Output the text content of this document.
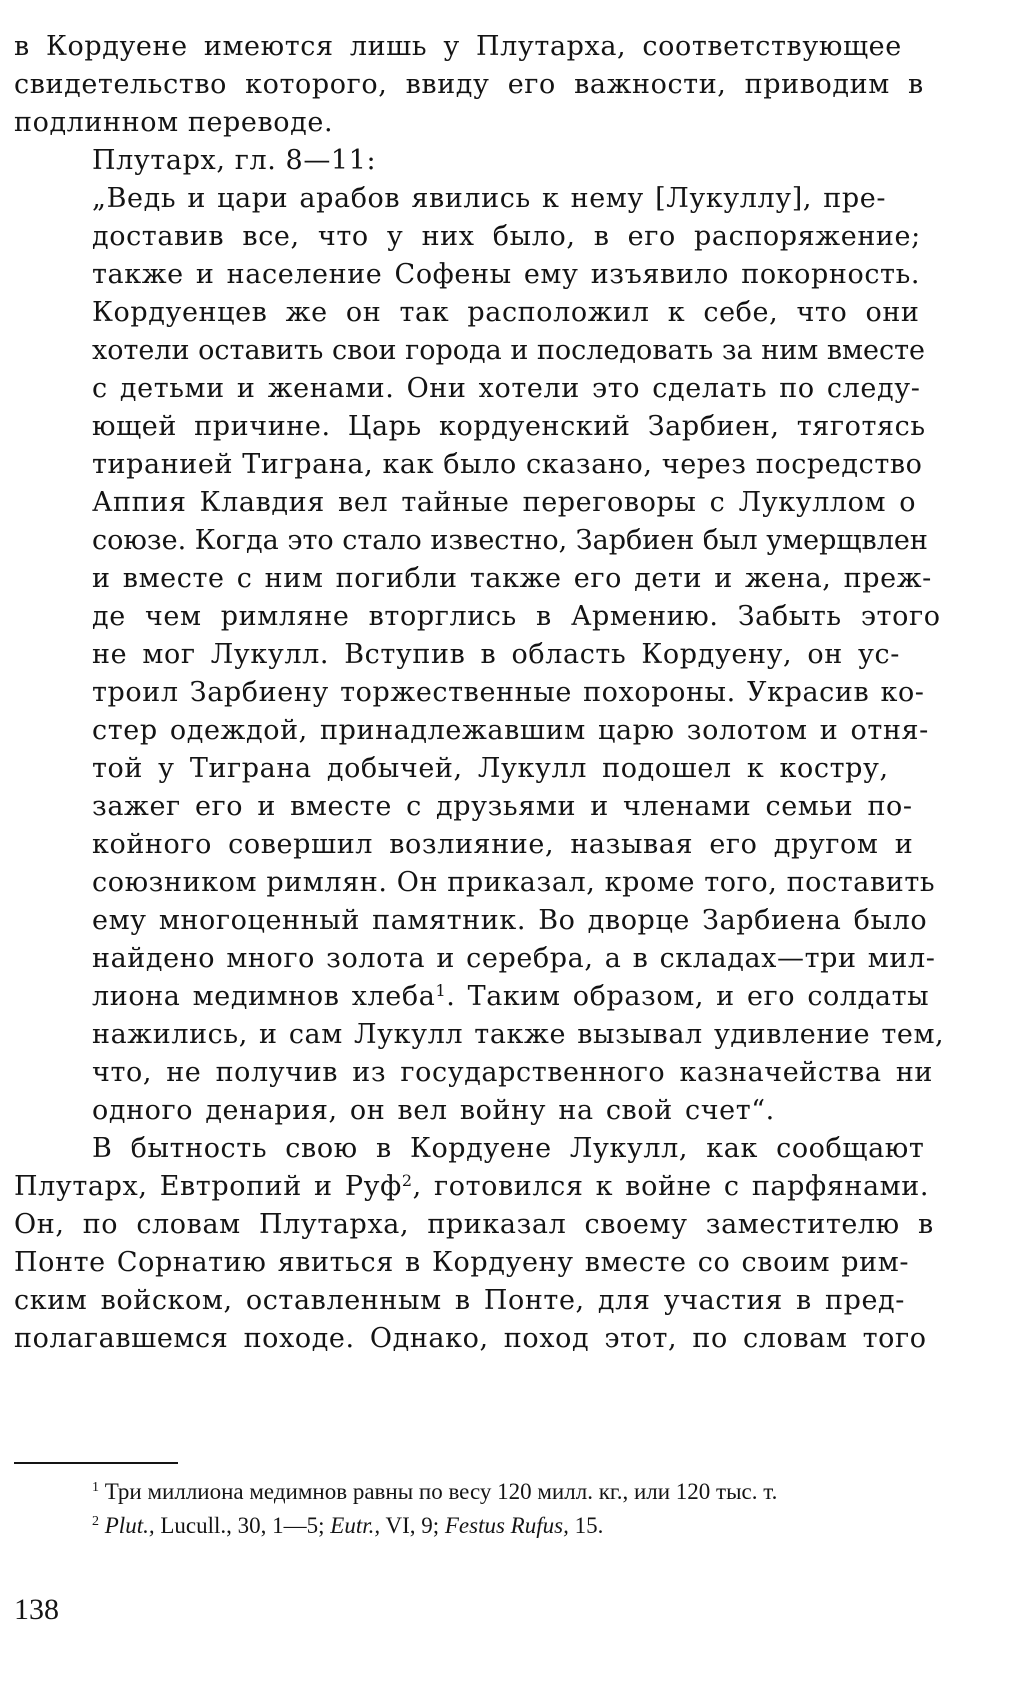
в Кордуене имеются лишь у Плутарха, соответствующее
свидетельство которого, ввиду его важности, приводим в
подлинном переводе.
Плутарх, гл. 8—11:
„Ведь и цари арабов явились к нему [Лукуллу], пре-
доставив все, что у них было, в его распоряжение;
также и население Софены ему изъявило покорность.
Кордуенцев же он так расположил к себе, что они
хотели оставить свои города и последовать за ним вместе
с детьми и женами. Они хотели это сделать по следу-
ющей причине. Царь кордуенский Зарбиен, тяготясь
тиранией Тиграна, как было сказано, через посредство
Аппия Клавдия вел тайные переговоры с Лукуллом о
союзе. Когда это стало известно, Зарбиен был умерщвлен
и вместе с ним погибли также его дети и жена, преж-
де чем римляне вторглись в Армению. Забыть этого
не мог Лукулл. Вступив в область Кордуену, он ус-
троил Зарбиену торжественные похороны. Украсив ко-
стер одеждой, принадлежавшим царю золотом и отня-
той у Тиграна добычей, Лукулл подошел к костру,
зажег его и вместе с друзьями и членами семьи по-
койного совершил возлияние, называя его другом и
союзником римлян. Он приказал, кроме того, поставить
ему многоценный памятник. Во дворце Зарбиена было
найдено много золота и серебра, а в складах—три мил-
лиона медимнов хлеба$^1$. Таким образом, и его солдаты
нажились, и сам Лукулл также вызывал удивление тем,
что, не получив из государственного казначейства ни
одного денария, он вел войну на свой счет“.
В бытность свою в Кордуене Лукулл, как сообщают
Плутарх, Евтропий и Руф$^2$, готовился к войне с парфянами.
Он, по словам Плутарха, приказал своему заместителю в
Понте Сорнатию явиться в Кордуену вместе со своим рим-
ским войском, оставленным в Понте, для участия в пред-
полагавшемся походе. Однако, поход этот, по словам того
$^1$ Три миллиона медимнов равны по весу 120 милл. кг., или 120 тыс. т.
$^2$ Plut., Lucull., 30, 1—5; Eutr., VI, 9; Festus Rufus, 15.
138
